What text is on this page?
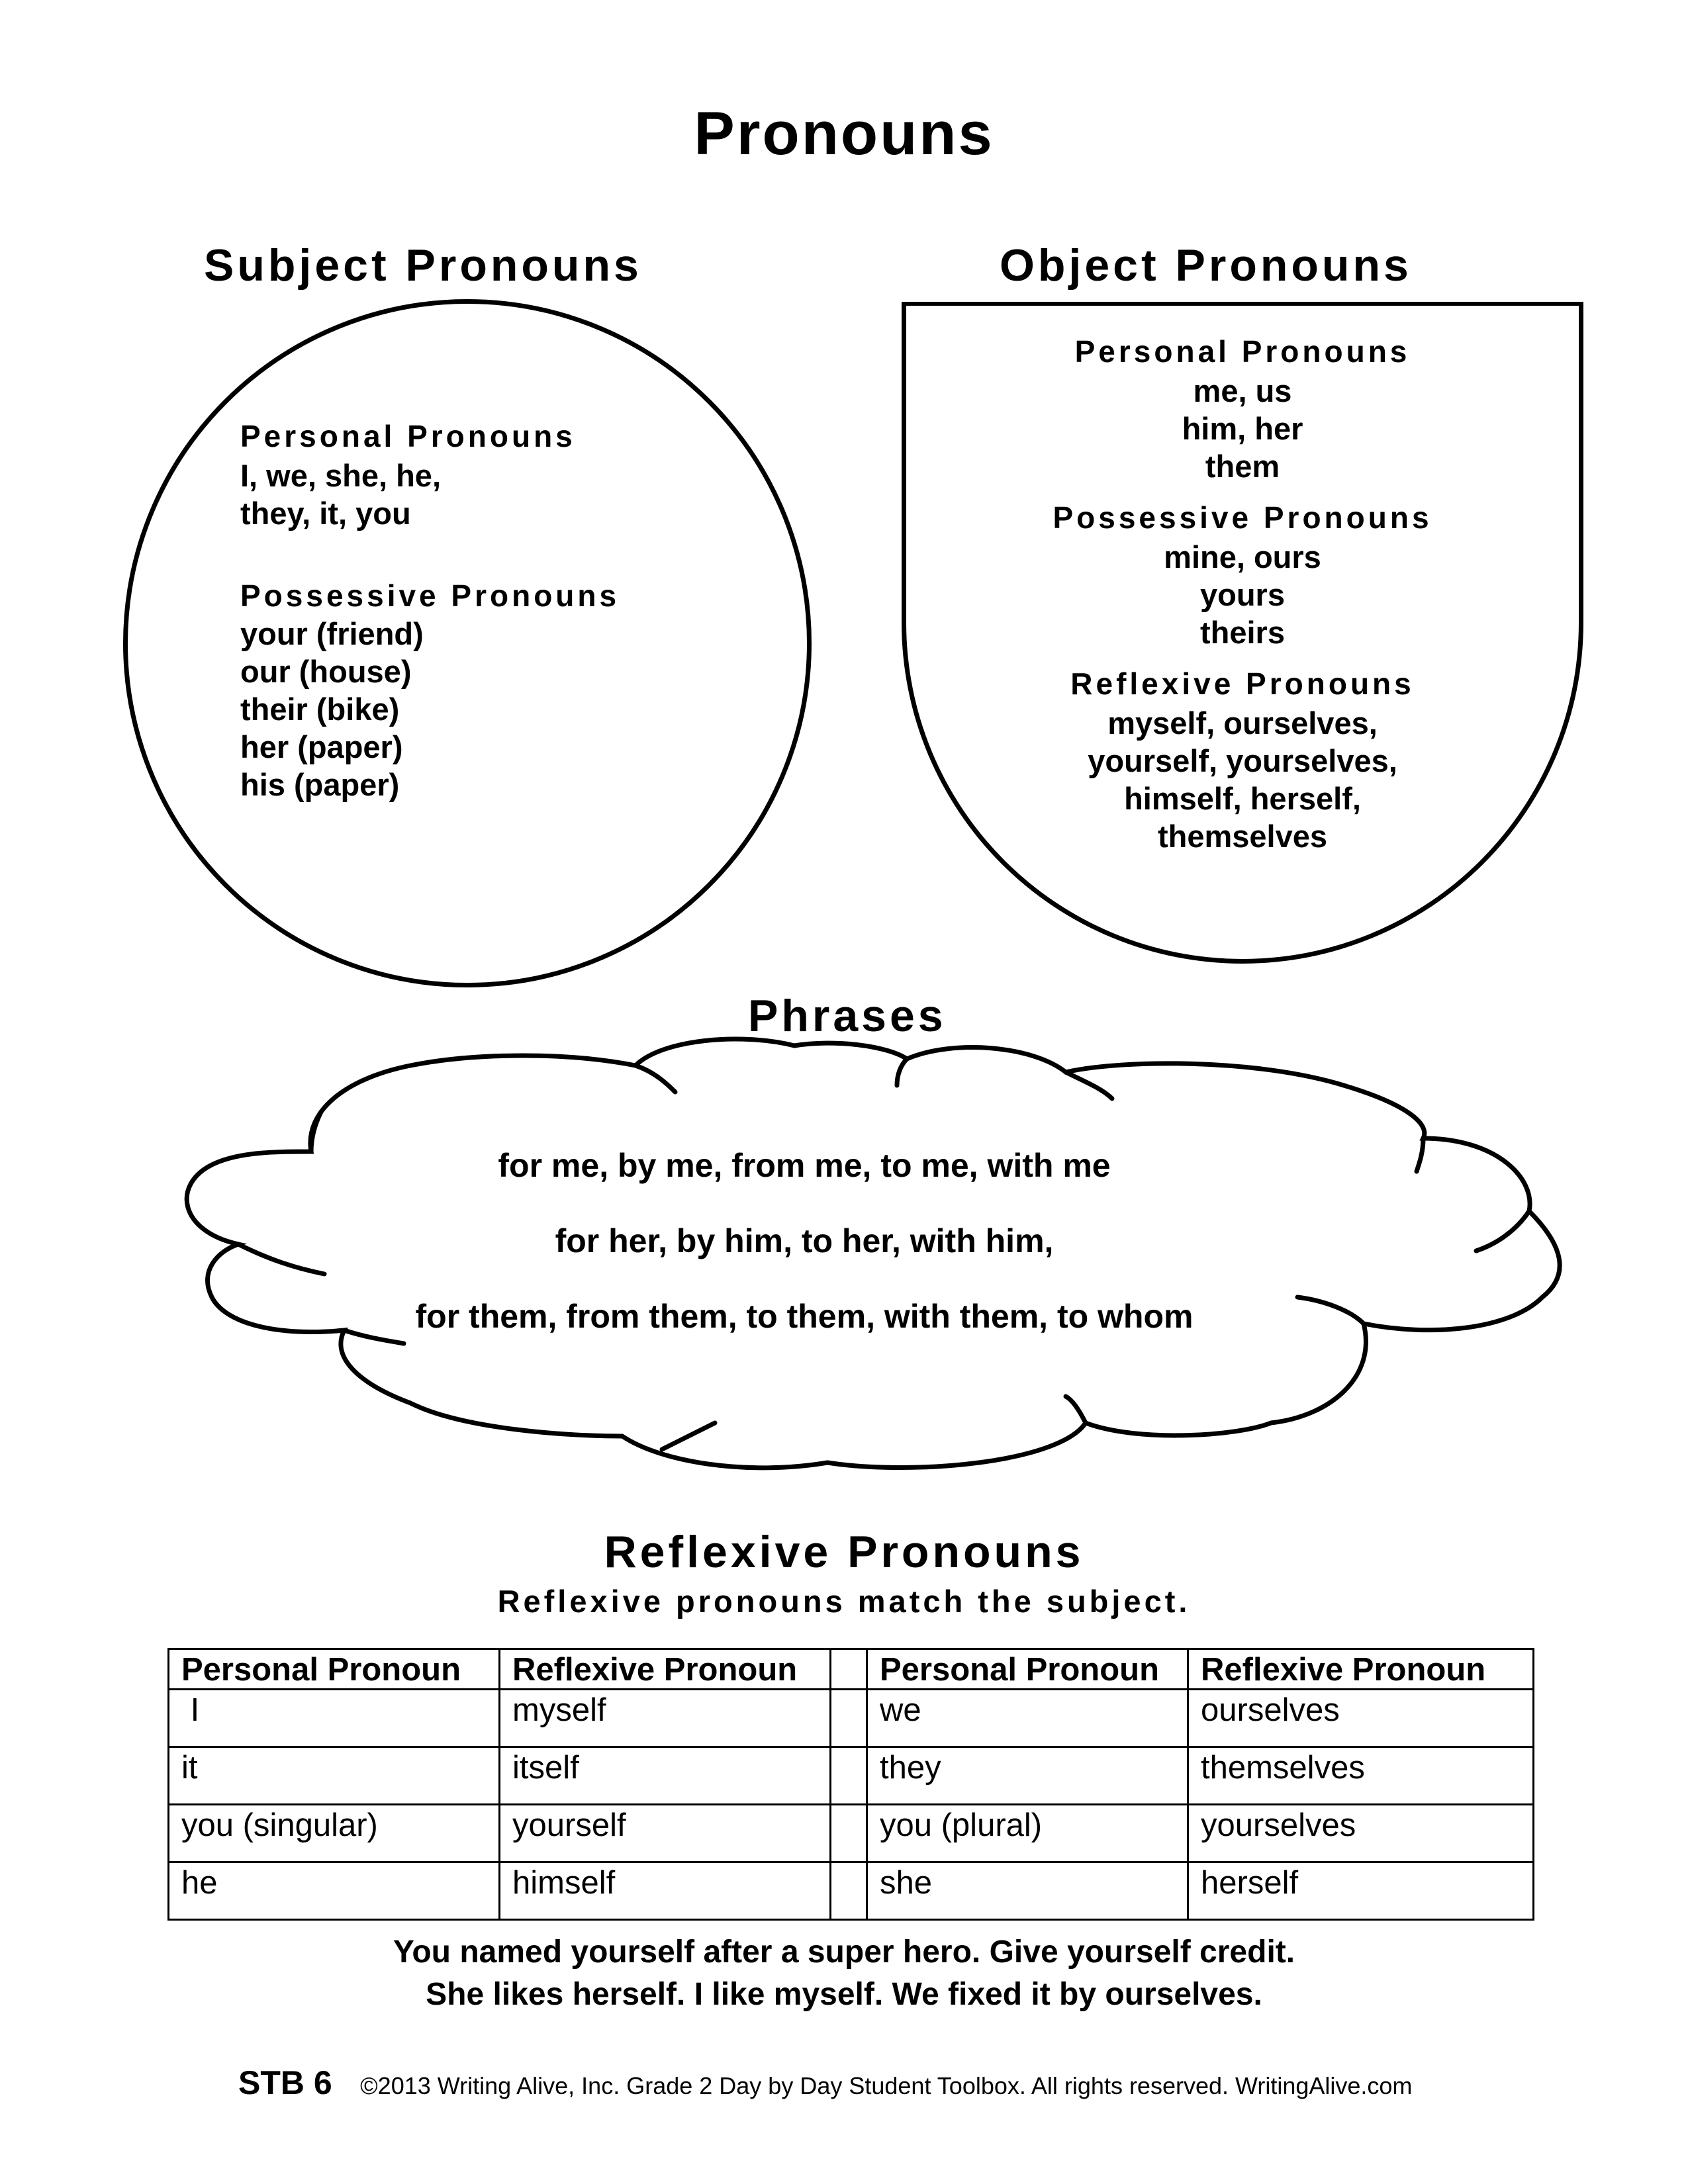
Pronouns
Subject Pronouns
Personal Pronouns
I, we, she, he,
they, it, you
Possessive Pronouns
your (friend)
our (house)
their (bike)
her (paper)
his (paper)
Object Pronouns
Personal Pronouns
me, us
him, her
them
Possessive Pronouns
mine, ours
yours
theirs
Reflexive Pronouns
myself, ourselves,
yourself, yourselves,
himself, herself,
themselves
Phrases
for me, by me, from me, to me, with me
for her, by him, to her, with him,
for them, from them, to them, with them, to whom
Reflexive Pronouns
Reflexive pronouns match the subject.
Personal Pronoun	Reflexive Pronoun		Personal Pronoun	Reflexive Pronoun
I	myself		we	ourselves
it	itself		they	themselves
you (singular)	yourself		you (plural)	yourselves
he	himself		she	herself
You named yourself after a super hero. Give yourself credit.
She likes herself. I like myself. We fixed it by ourselves.
STB 6 ©2013 Writing Alive, Inc. Grade 2 Day by Day Student Toolbox. All rights reserved. WritingAlive.com
